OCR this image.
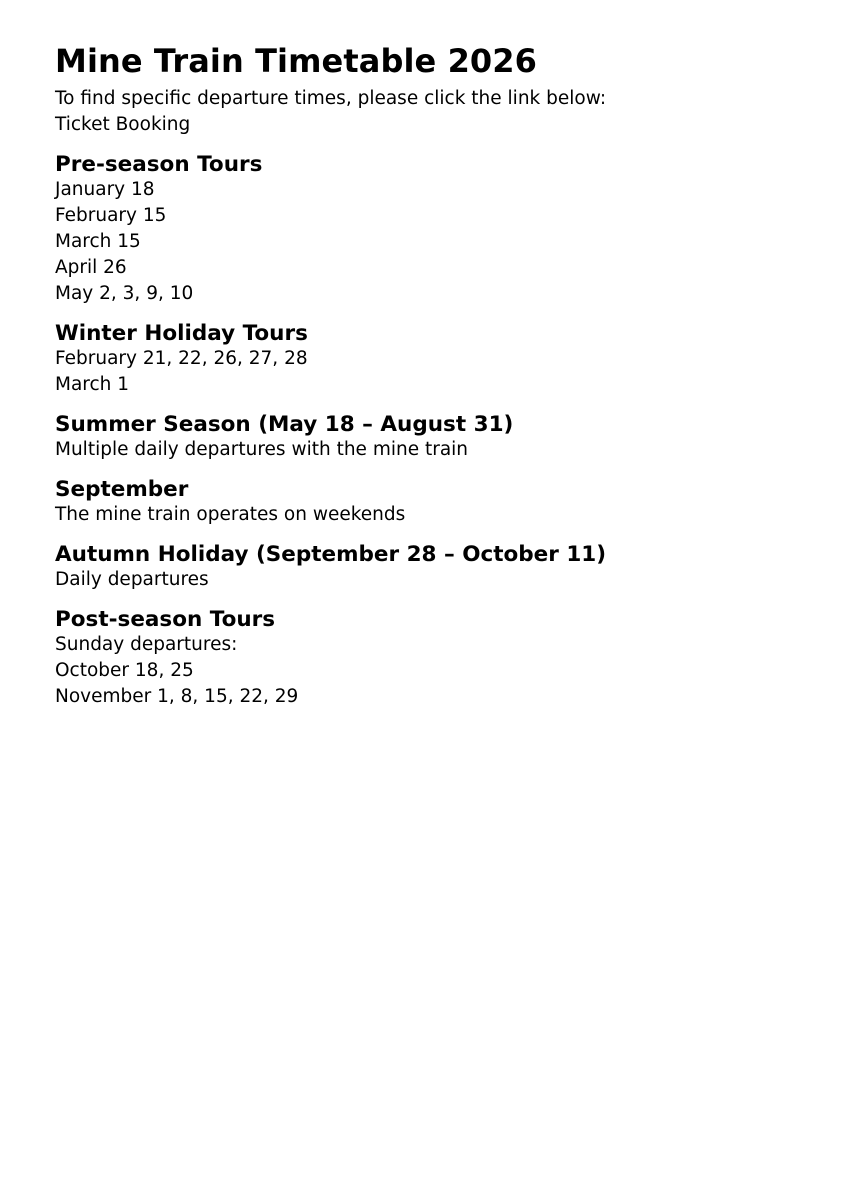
Mine Train Timetable 2026
To find specific departure times, please click the link below:
Ticket Booking
Pre-season Tours
January 18
February 15
March 15
April 26
May 2, 3, 9, 10
Winter Holiday Tours
February 21, 22, 26, 27, 28
March 1
Summer Season (May 18 – August 31)
Multiple daily departures with the mine train
September
The mine train operates on weekends
Autumn Holiday (September 28 – October 11)
Daily departures
Post-season Tours
Sunday departures:
October 18, 25
November 1, 8, 15, 22, 29
